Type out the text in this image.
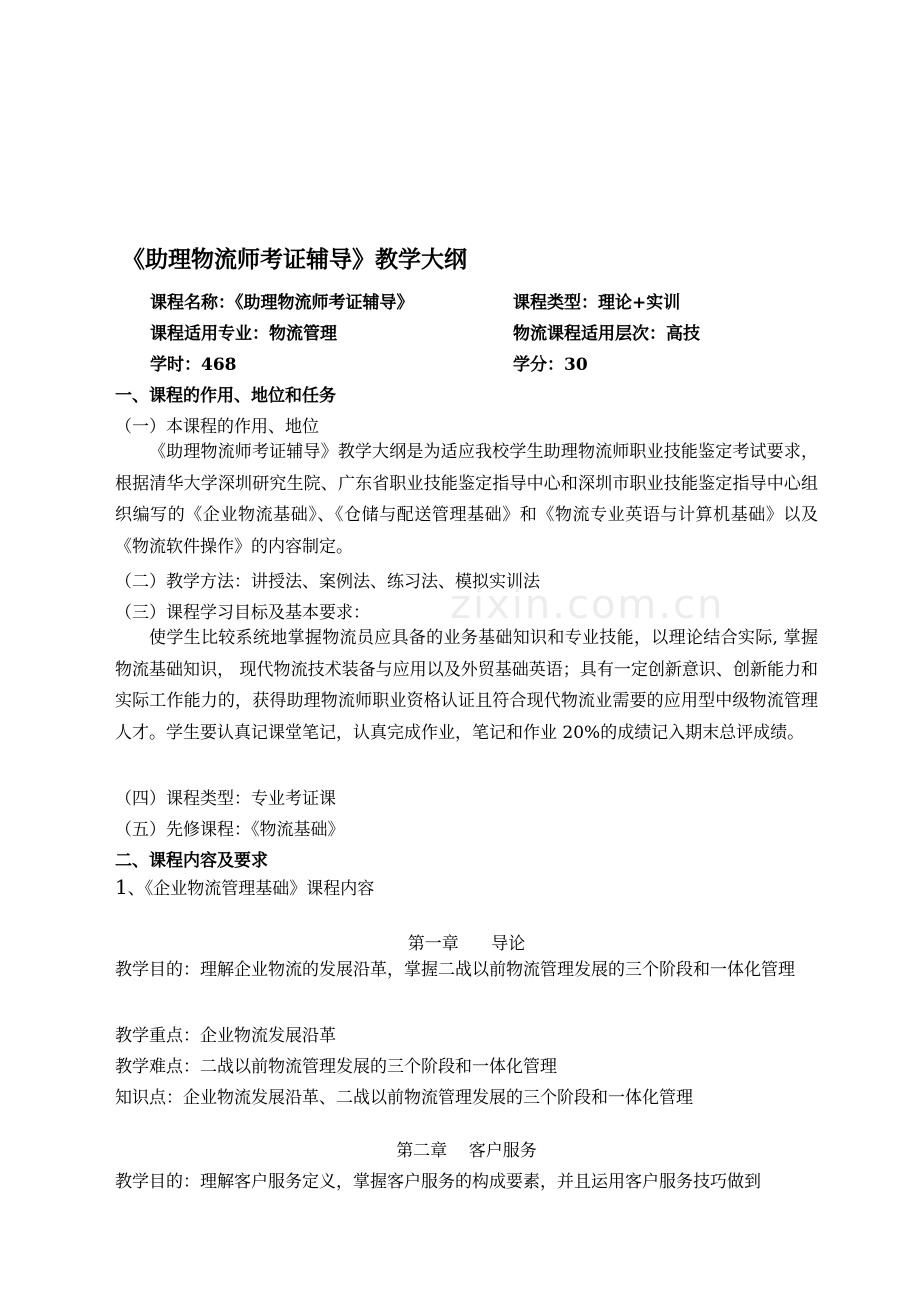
zixin.com.cn
《助理物流师考证辅导》教学大纲
课程名称：《助理物流师考证辅导》	课程类型：理论+实训
课程适用专业：物流管理	物流课程适用层次：高技
学时：468	学分：30
一、课程的作用、地位和任务
（一）本课程的作用、地位
《助理物流师考证辅导》教学大纲是为适应我校学生助理物流师职业技能鉴定考试要求，根据清华大学深圳研究生院、广东省职业技能鉴定指导中心和深圳市职业技能鉴定指导中心组织编写的《企业物流基础》、《仓储与配送管理基础》和《物流专业英语与计算机基础》以及《物流软件操作》的内容制定。
（二）教学方法：讲授法、案例法、练习法、模拟实训法
（三）课程学习目标及基本要求：
使学生比较系统地掌握物流员应具备的业务基础知识和专业技能，以理论结合实际, 掌握物流基础知识， 现代物流技术装备与应用以及外贸基础英语；具有一定创新意识、创新能力和实际工作能力的，获得助理物流师职业资格认证且符合现代物流业需要的应用型中级物流管理人才。学生要认真记课堂笔记，认真完成作业，笔记和作业 20%的成绩记入期末总评成绩。
（四）课程类型：专业考证课
（五）先修课程：《物流基础》
二、课程内容及要求
1、《企业物流管理基础》课程内容
第一章      导论
教学目的：理解企业物流的发展沿革，掌握二战以前物流管理发展的三个阶段和一体化管理
教学重点：企业物流发展沿革
教学难点：二战以前物流管理发展的三个阶段和一体化管理
知识点：企业物流发展沿革、二战以前物流管理发展的三个阶段和一体化管理
第二章    客户服务
教学目的：理解客户服务定义，掌握客户服务的构成要素，并且运用客户服务技巧做到
